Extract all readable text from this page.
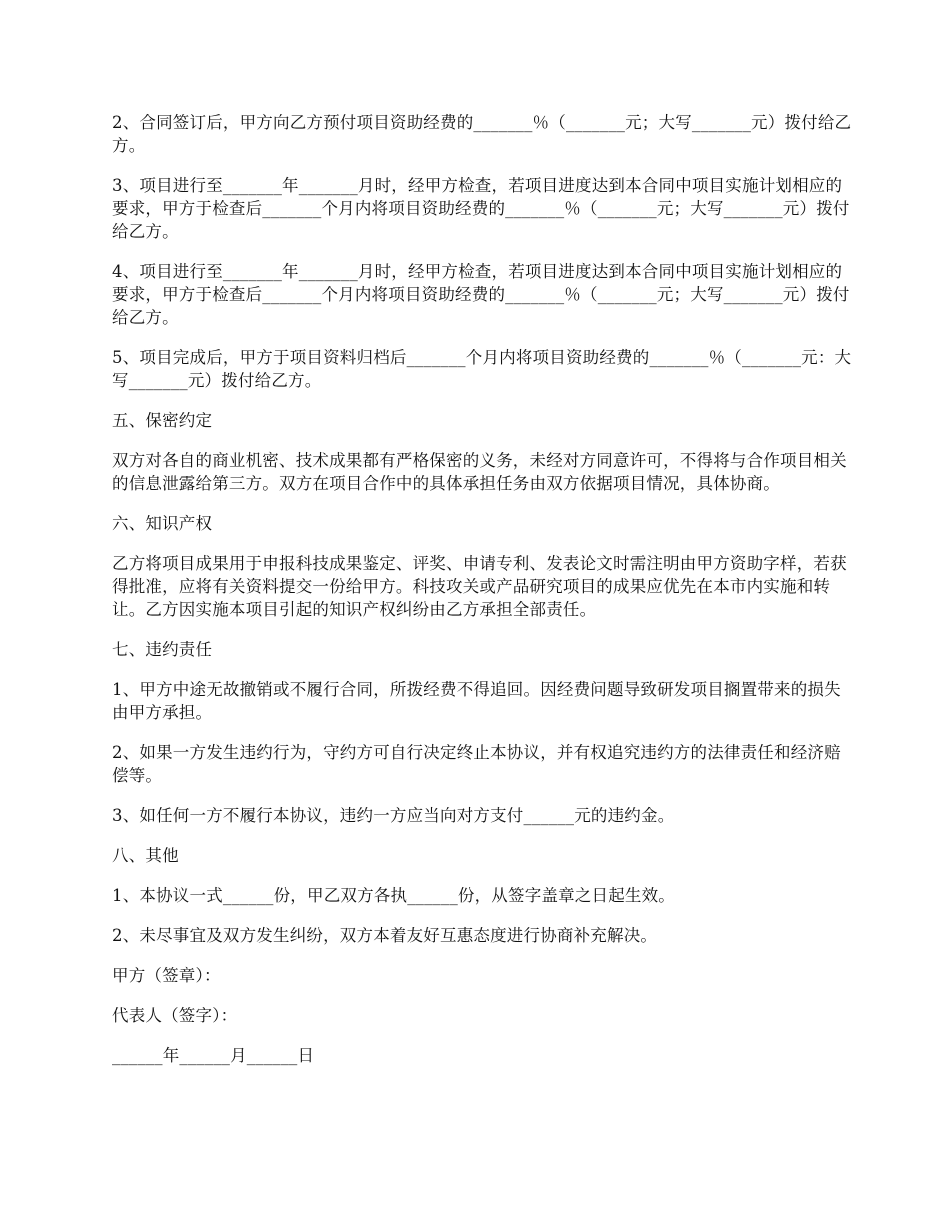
2、合同签订后，甲方向乙方预付项目资助经费的_______％（_______元；大写_______元）拨付给乙方。

3、项目进行至_______年_______月时，经甲方检查，若项目进度达到本合同中项目实施计划相应的要求，甲方于检查后_______个月内将项目资助经费的_______％（_______元；大写_______元）拨付给乙方。

4、项目进行至_______年_______月时，经甲方检查，若项目进度达到本合同中项目实施计划相应的要求，甲方于检查后_______个月内将项目资助经费的_______％（_______元；大写_______元）拨付给乙方。

5、项目完成后，甲方于项目资料归档后_______个月内将项目资助经费的_______％（_______元：大写_______元）拨付给乙方。

五、保密约定

双方对各自的商业机密、技术成果都有严格保密的义务，未经对方同意许可，不得将与合作项目相关的信息泄露给第三方。双方在项目合作中的具体承担任务由双方依据项目情况，具体协商。

六、知识产权

乙方将项目成果用于申报科技成果鉴定、评奖、申请专利、发表论文时需注明由甲方资助字样，若获得批准，应将有关资料提交一份给甲方。科技攻关或产品研究项目的成果应优先在本市内实施和转让。乙方因实施本项目引起的知识产权纠纷由乙方承担全部责任。

七、违约责任

1、甲方中途无故撤销或不履行合同，所拨经费不得追回。因经费问题导致研发项目搁置带来的损失由甲方承担。

2、如果一方发生违约行为，守约方可自行决定终止本协议，并有权追究违约方的法律责任和经济赔偿等。

3、如任何一方不履行本协议，违约一方应当向对方支付______元的违约金。

八、其他

1、本协议一式______份，甲乙双方各执______份，从签字盖章之日起生效。

2、未尽事宜及双方发生纠纷，双方本着友好互惠态度进行协商补充解决。

甲方（签章）：

代表人（签字）：

______年______月______日
